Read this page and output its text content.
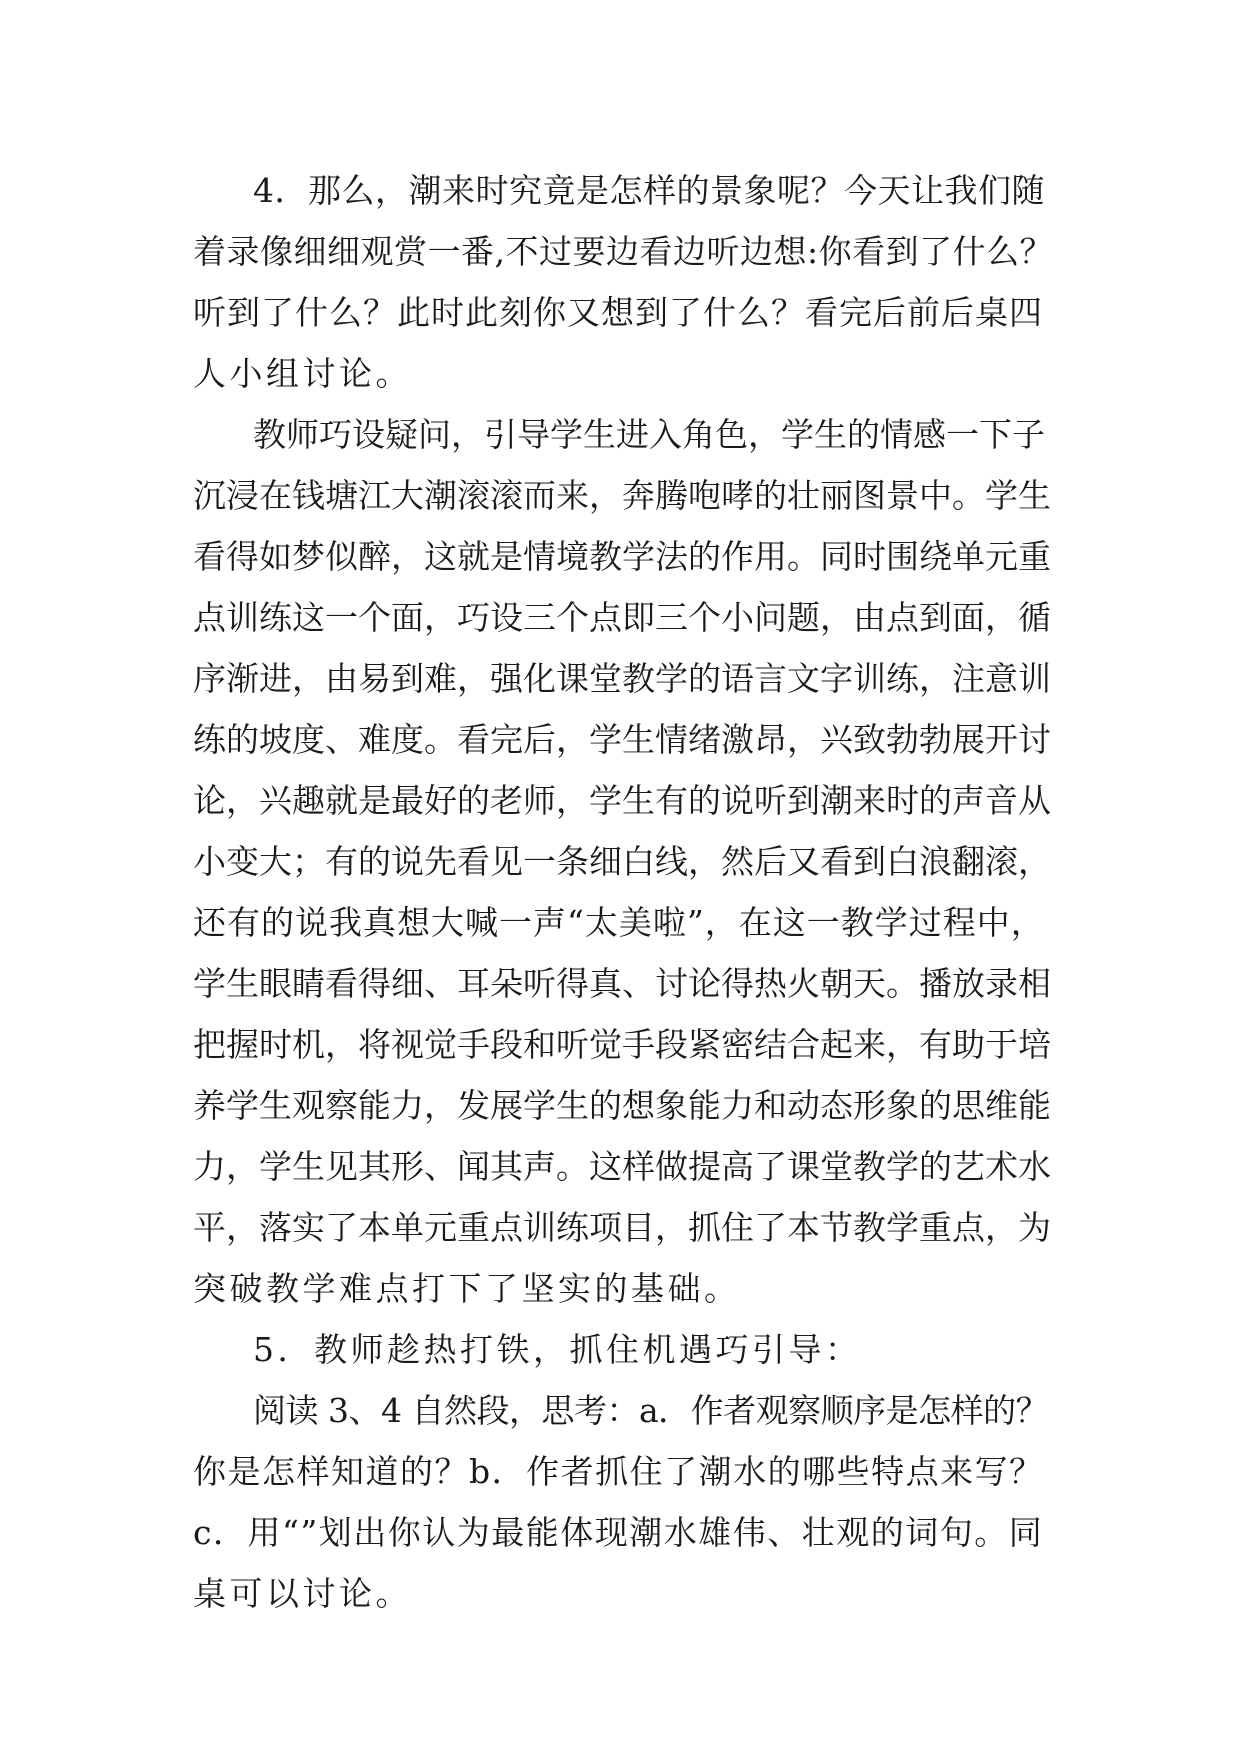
4．那么，潮来时究竟是怎样的景象呢？今天让我们随
着录像细细观赏一番,不过要边看边听边想:你看到了什么？
听到了什么？此时此刻你又想到了什么？看完后前后桌四
人小组讨论。
教师巧设疑问，引导学生进入角色，学生的情感一下子
沉浸在钱塘江大潮滚滚而来，奔腾咆哮的壮丽图景中。学生
看得如梦似醉，这就是情境教学法的作用。同时围绕单元重
点训练这一个面，巧设三个点即三个小问题，由点到面，循
序渐进，由易到难，强化课堂教学的语言文字训练，注意训
练的坡度、难度。看完后，学生情绪激昂，兴致勃勃展开讨
论，兴趣就是最好的老师，学生有的说听到潮来时的声音从
小变大；有的说先看见一条细白线，然后又看到白浪翻滚，
还有的说我真想大喊一声“太美啦”，在这一教学过程中，
学生眼睛看得细、耳朵听得真、讨论得热火朝天。播放录相
把握时机，将视觉手段和听觉手段紧密结合起来，有助于培
养学生观察能力，发展学生的想象能力和动态形象的思维能
力，学生见其形、闻其声。这样做提高了课堂教学的艺术水
平，落实了本单元重点训练项目，抓住了本节教学重点，为
突破教学难点打下了坚实的基础。
5．教师趁热打铁，抓住机遇巧引导：
阅读 3、4 自然段，思考：a．作者观察顺序是怎样的？
你是怎样知道的？b．作者抓住了潮水的哪些特点来写？
c．用“”划出你认为最能体现潮水雄伟、壮观的词句。同
桌可以讨论。
